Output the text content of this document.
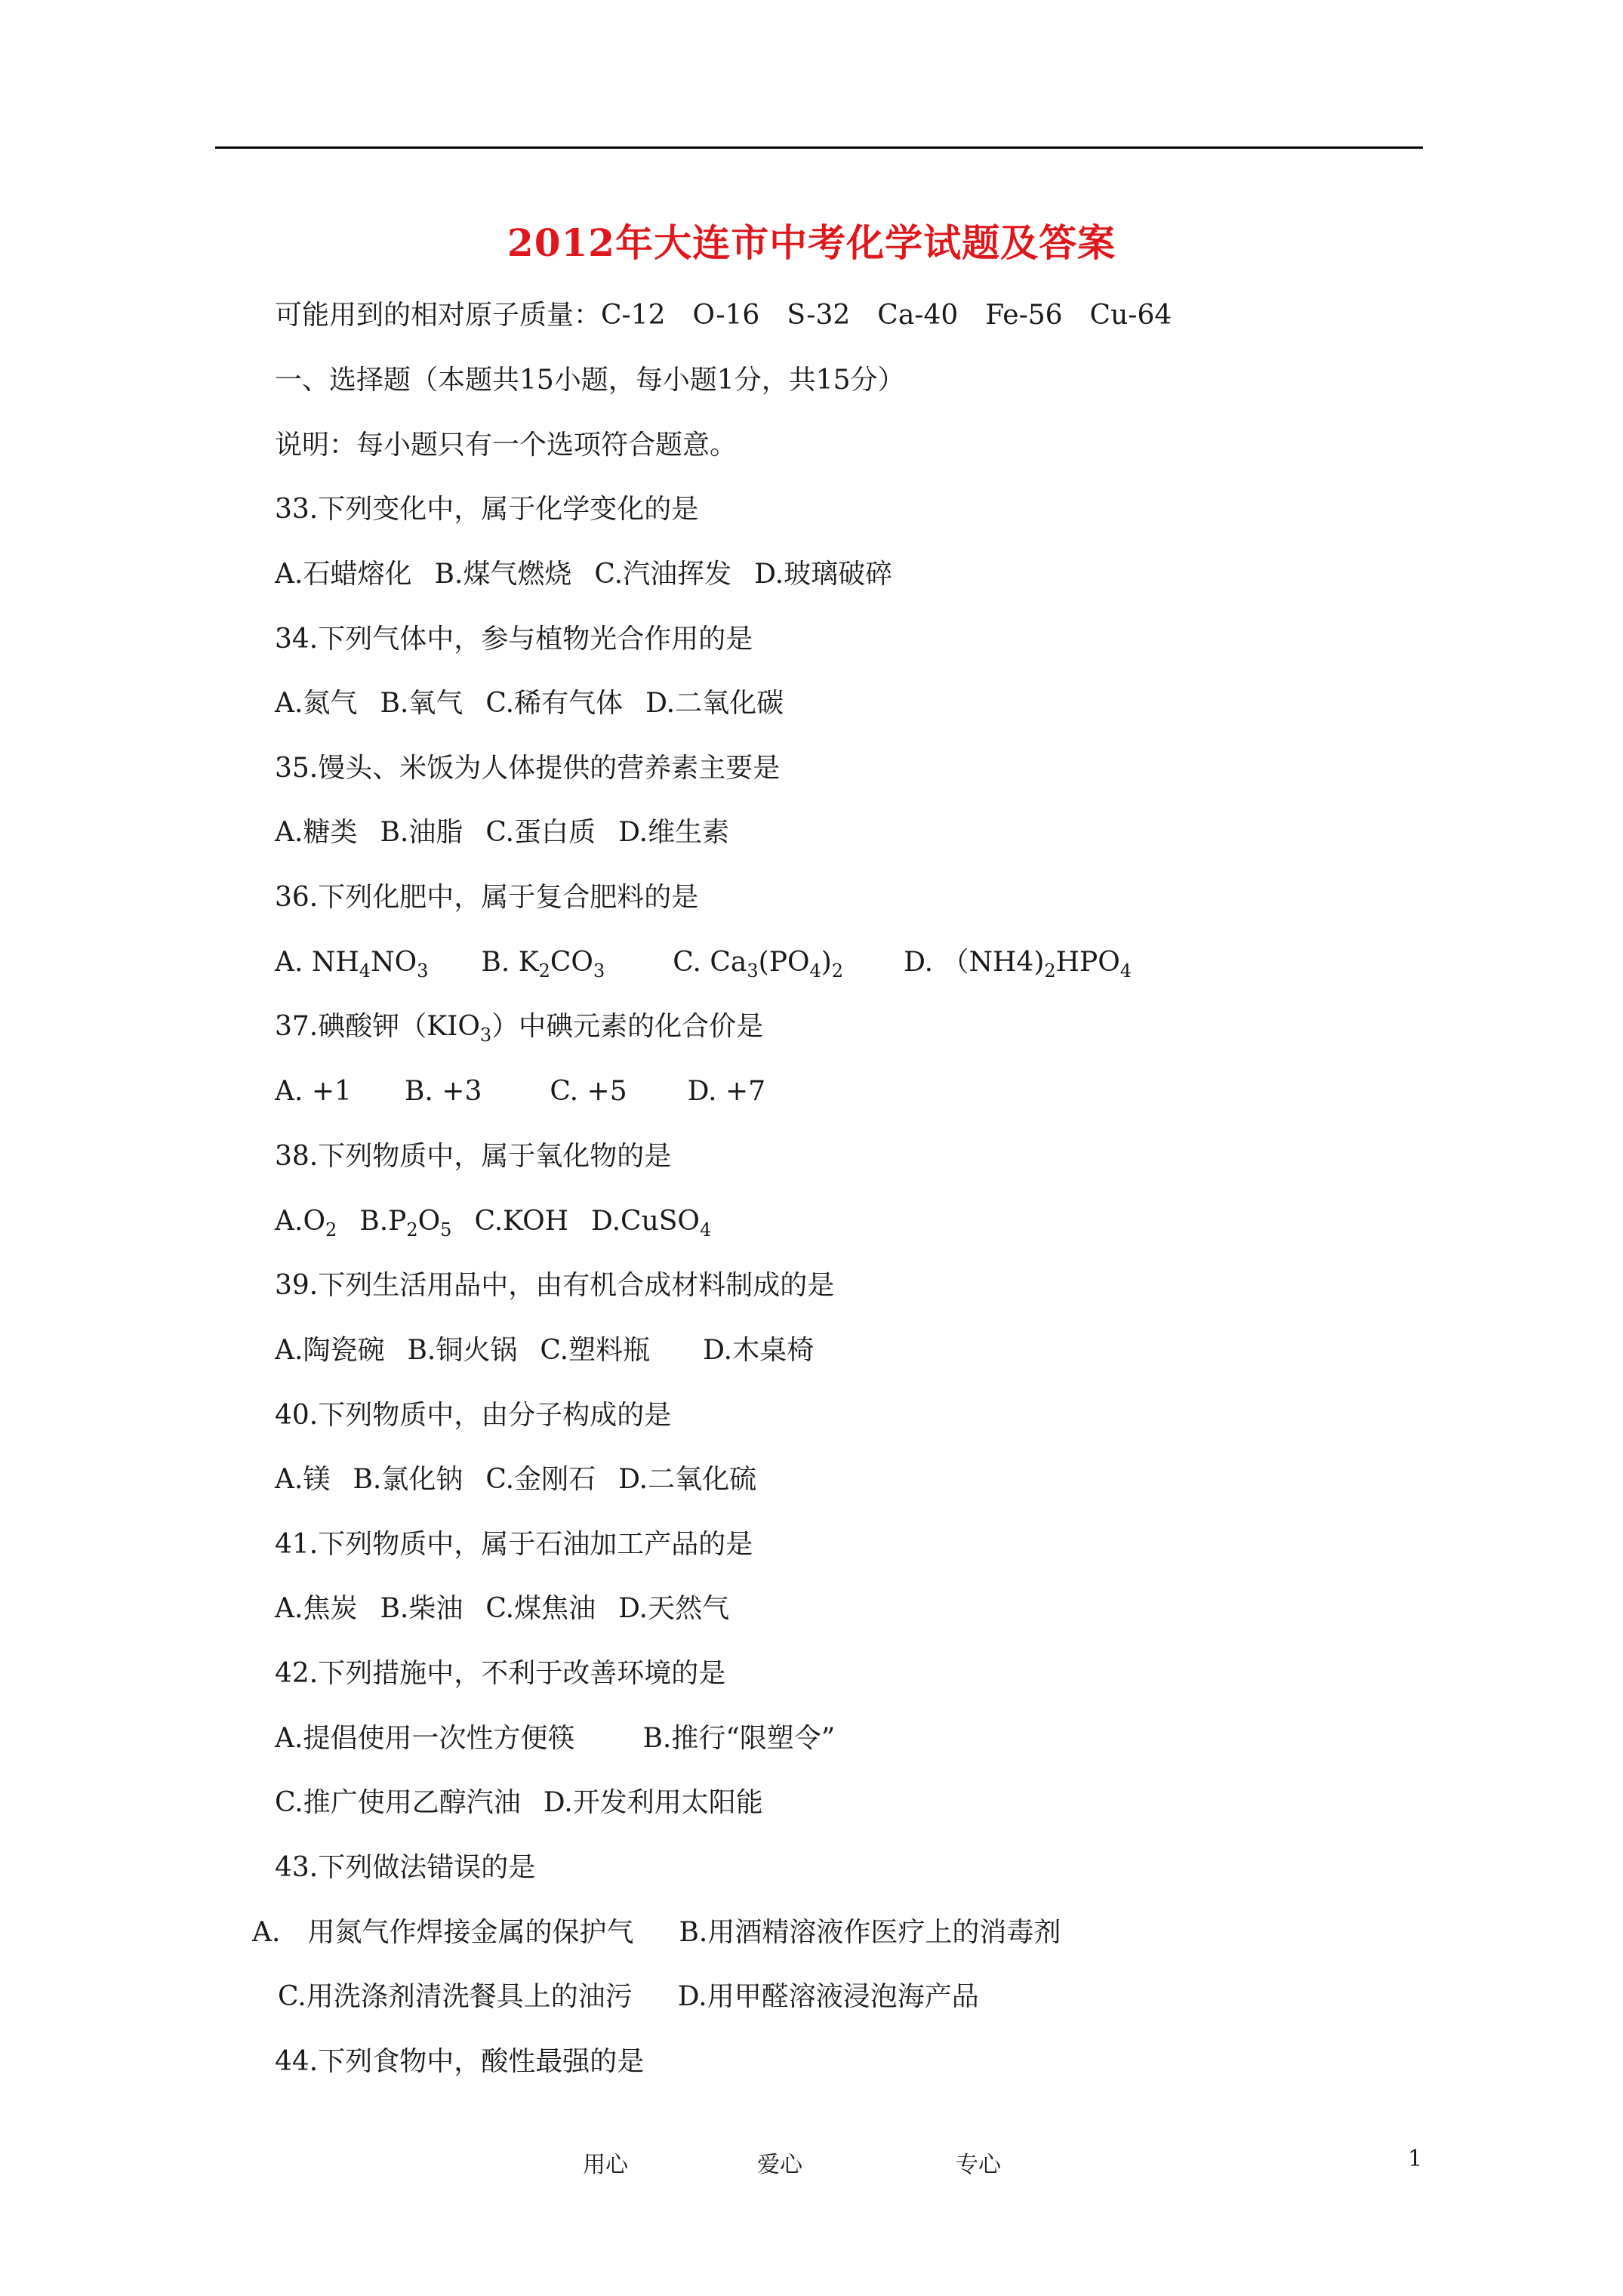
2012年大连市中考化学试题及答案
可能用到的相对原子质量：C-12　O-16　S-32　Ca-40　Fe-56　Cu-64
一、选择题（本题共15小题，每小题1分，共15分）
说明：每小题只有一个选项符合题意。
33.下列变化中，属于化学变化的是
A.石蜡熔化 B.煤气燃烧 C.汽油挥发 D.玻璃破碎
34.下列气体中，参与植物光合作用的是
A.氮气 B.氧气 C.稀有气体 D.二氧化碳
35.馒头、米饭为人体提供的营养素主要是
A.糖类 B.油脂 C.蛋白质 D.维生素
36.下列化肥中，属于复合肥料的是
A. $NH_4NO_3$ B. $K_2CO_3$	C. $Ca_3(PO_4)_2$ D. $(NH4)_2HPO_4$
37.碘酸钾$(KIO_3)$中碘元素的化合价是
A. +1 B. +3	C. +5 D. +7
38.下列物质中，属于氧化物的是
$A.O_2$ $B.P_2O_5$ C.KOH D.CuSO$_4$
39.下列生活用品中，由有机合成材料制成的是
A.陶瓷碗 B.铜火锅 C.塑料瓶 D.木桌椅
40.下列物质中，由分子构成的是
A.镁 B.氯化钠 C.金刚石 D.二氧化硫
41.下列物质中，属于石油加工产品的是
A.焦炭 B.柴油 C.煤焦油 D.天然气
42.下列措施中，不利于改善环境的是
A.提倡使用一次性方便筷	B.推行“限塑令”
C.推广使用乙醇汽油 D.开发利用太阳能
43.下列做法错误的是
A.　用氮气作焊接金属的保护气 B.用酒精溶液作医疗上的消毒剂
C.用洗涤剂清洗餐具上的油污 D.用甲醛溶液浸泡海产品
44.下列食物中，酸性最强的是
用心	爱心	专心	1
